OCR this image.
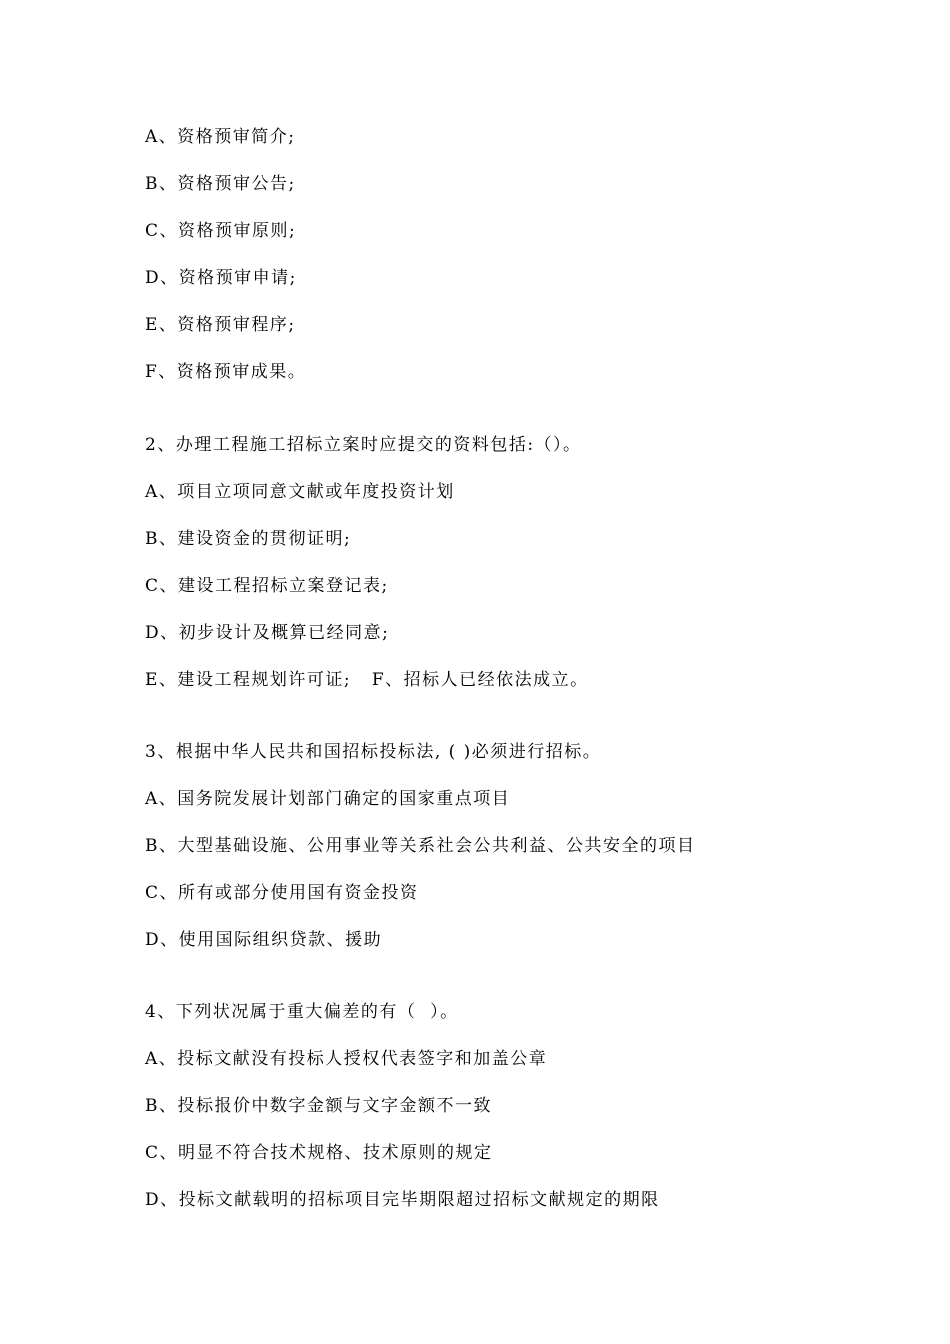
A、资格预审简介;
B、资格预审公告;
C、资格预审原则;
D、资格预审申请;
E、资格预审程序;
F、资格预审成果。
2、办理工程施工招标立案时应提交的资料包括:（）。
A、项目立项同意文献或年度投资计划
B、建设资金的贯彻证明;
C、建设工程招标立案登记表;
D、初步设计及概算已经同意;
E、建设工程规划许可证;   F、招标人已经依法成立。
3、根据中华人民共和国招标投标法, ( )必须进行招标。
A、国务院发展计划部门确定的国家重点项目
B、大型基础设施、公用事业等关系社会公共利益、公共安全的项目
C、所有或部分使用国有资金投资
D、使用国际组织贷款、援助
4、下列状况属于重大偏差的有（  ）。
A、投标文献没有投标人授权代表签字和加盖公章
B、投标报价中数字金额与文字金额不一致
C、明显不符合技术规格、技术原则的规定
D、投标文献载明的招标项目完毕期限超过招标文献规定的期限
